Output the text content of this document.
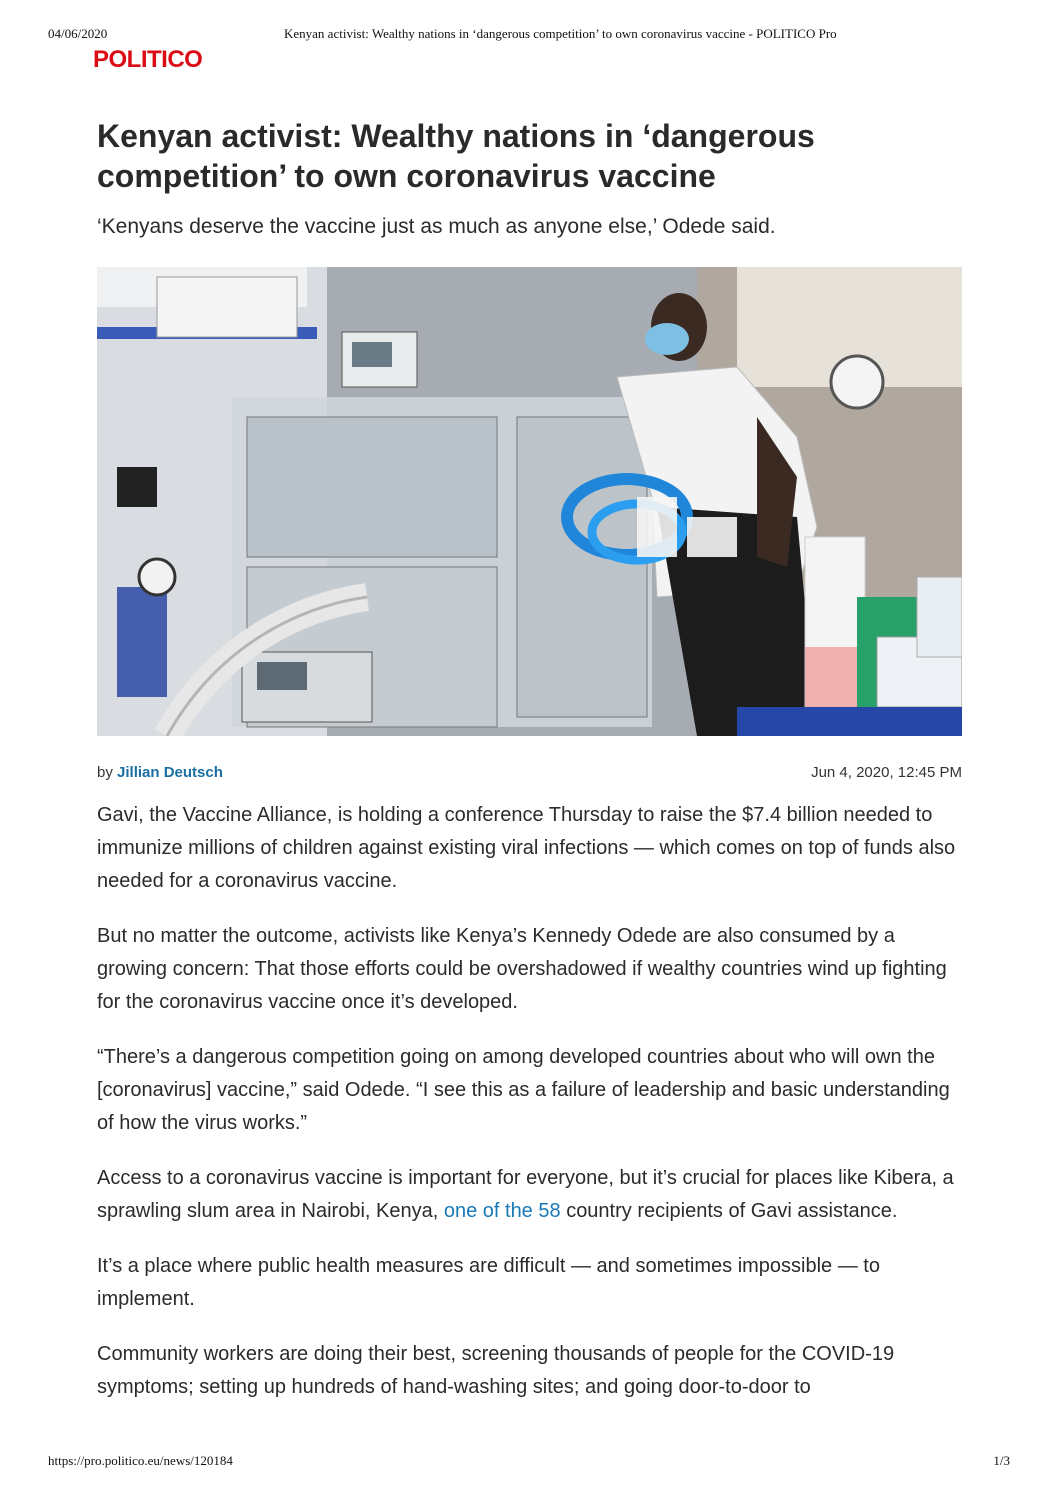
04/06/2020	Kenyan activist: Wealthy nations in ‘dangerous competition’ to own coronavirus vaccine - POLITICO Pro
POLITICO
Kenyan activist: Wealthy nations in ‘dangerous competition’ to own coronavirus vaccine

‘Kenyans deserve the vaccine just as much as anyone else,’ Odede said.

by Jillian Deutsch	Jun 4, 2020, 12:45 PM

Gavi, the Vaccine Alliance, is holding a conference Thursday to raise the $7.4 billion needed to immunize millions of children against existing viral infections — which comes on top of funds also needed for a coronavirus vaccine.

But no matter the outcome, activists like Kenya’s Kennedy Odede are also consumed by a growing concern: That those efforts could be overshadowed if wealthy countries wind up fighting for the coronavirus vaccine once it’s developed.

“There’s a dangerous competition going on among developed countries about who will own the [coronavirus] vaccine,” said Odede. “I see this as a failure of leadership and basic understanding of how the virus works.”

Access to a coronavirus vaccine is important for everyone, but it’s crucial for places like Kibera, a sprawling slum area in Nairobi, Kenya, one of the 58 country recipients of Gavi assistance.

It’s a place where public health measures are difficult — and sometimes impossible — to implement.

Community workers are doing their best, screening thousands of people for the COVID-19 symptoms; setting up hundreds of hand-washing sites; and going door-to-door to

https://pro.politico.eu/news/120184	1/3
